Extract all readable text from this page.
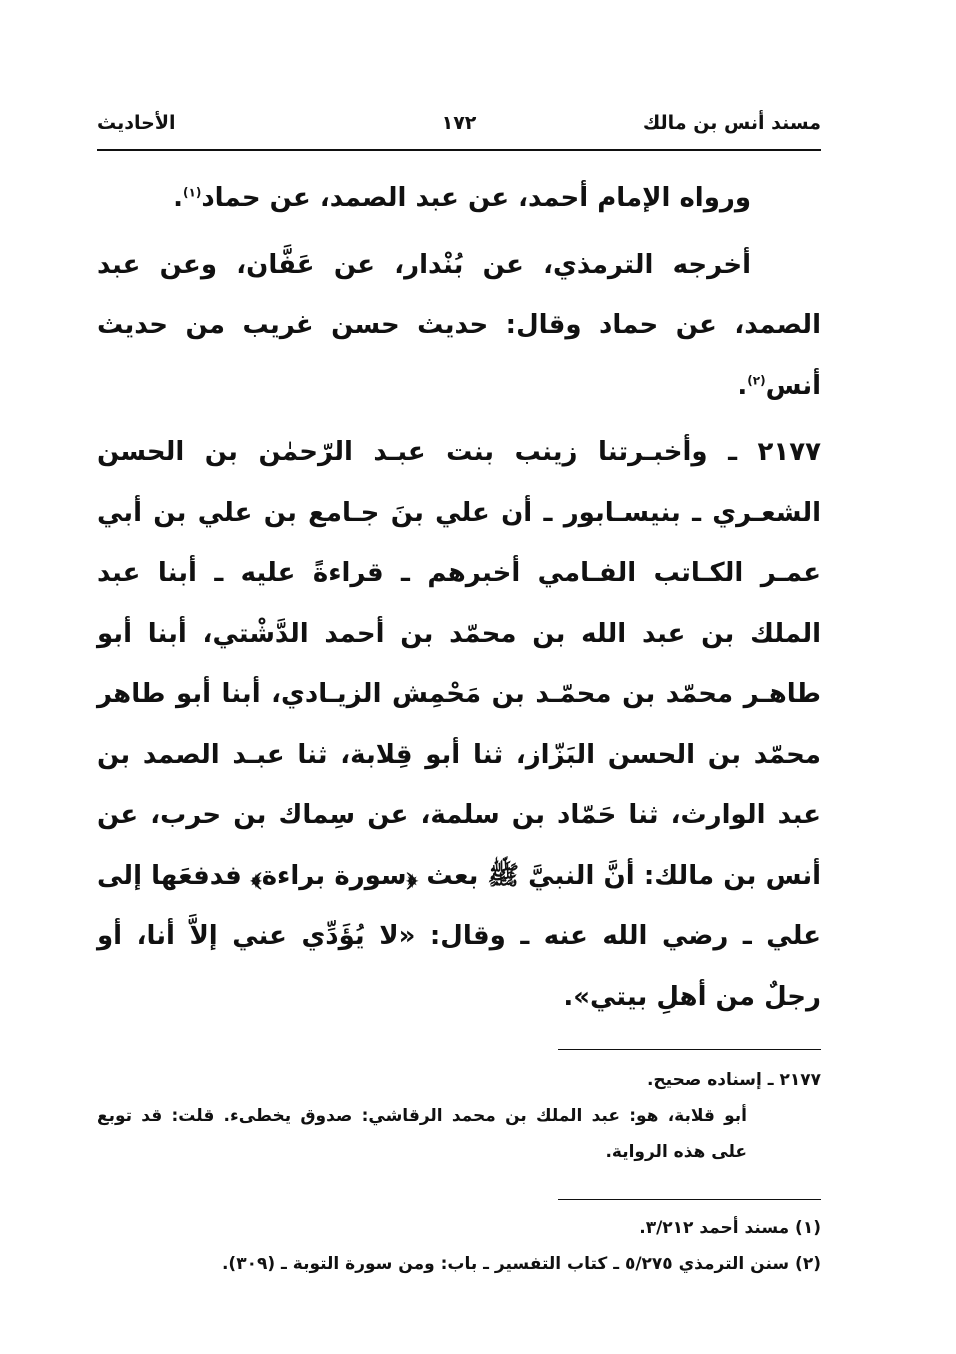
مسند أنس بن مالك
١٧٢
الأحاديث

ورواه الإمام أحمد، عن عبد الصمد، عن حماد$^{(١)}$.

أخرجه الترمذي، عن بُنْدار، عن عَفَّان، وعن عبد الصمد، عن حماد وقال: حديث حسن غريب من حديث أنس$^{(٢)}$.

٢١٧٧ ـ وأخبـرتنا زينب بنت عبـد الرّحمٰن بن الحسن الشعـري ـ بنيسـابور ـ أن علي بنَ جـامع بن علي بن أبي عمـر الكـاتب الفـامي أخبرهم ـ قراءةً عليه ـ أبنا عبد الملك بن عبد الله بن محمّد بن أحمد الدَّشْتي، أبنا أبو طاهـر محمّد بن محمّـد بن مَحْمِش الزيـادي، أبنا أبو طاهر محمّد بن الحسن البَزّاز، ثنا أبو قِلابة، ثنا عبـد الصمد بن عبد الوارث، ثنا حَمّاد بن سلمة، عن سِماك بن حرب، عن أنس بن مالك: أنَّ النبيَّ ﷺ بعث ﴿سورة براءة﴾ فدفعَها إلى علي ـ رضي الله عنه ـ وقال: «لا يُؤَدِّي عني إلاَّ أنا، أو رجلٌ من أهلِ بيتي».

٢١٧٧ ـ إسناده صحيح.

أبو قلابة، هو: عبد الملك بن محمد الرقاشي: صدوق يخطىء. قلت: قد توبع على هذه الرواية.

(١) مسند أحمد ٣/٢١٢.

(٢) سنن الترمذي ٥/٢٧٥ ـ كتاب التفسير ـ باب: ومن سورة التوبة ـ (٣٠٩).
